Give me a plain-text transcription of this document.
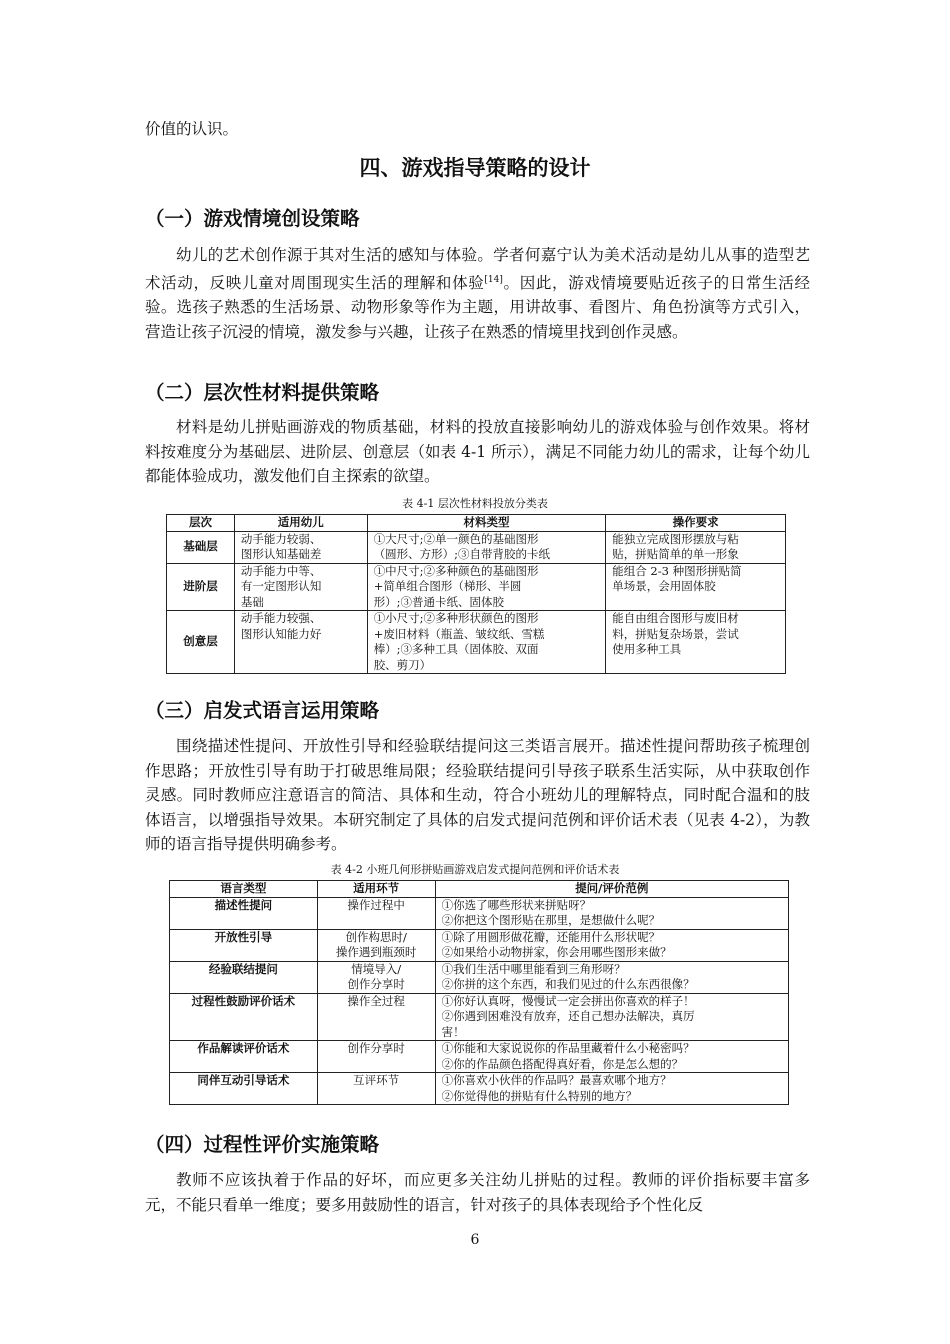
价值的认识。

四、游戏指导策略的设计
（一）游戏情境创设策略

幼儿的艺术创作源于其对生活的感知与体验。学者何嘉宁认为美术活动是幼儿从事的造型艺术活动，反映儿童对周围现实生活的理解和体验[14]。因此，游戏情境要贴近孩子的日常生活经验。选孩子熟悉的生活场景、动物形象等作为主题，用讲故事、看图片、角色扮演等方式引入，营造让孩子沉浸的情境，激发参与兴趣，让孩子在熟悉的情境里找到创作灵感。

（二）层次性材料提供策略

材料是幼儿拼贴画游戏的物质基础，材料的投放直接影响幼儿的游戏体验与创作效果。将材料按难度分为基础层、进阶层、创意层（如表 4-1 所示），满足不同能力幼儿的需求，让每个幼儿都能体验成功，激发他们自主探索的欲望。

表 4-1 层次性材料投放分类表

层次	适用幼儿	材料类型	操作要求
基础层	动手能力较弱、
图形认知基础差	①大尺寸;②单一颜色的基础图形
（圆形、方形）;③自带背胶的卡纸	能独立完成图形摆放与粘
贴，拼贴简单的单一形象

进阶层	动手能力中等、
有一定图形认知
基础	①中尺寸;②多种颜色的基础图形
+简单组合图形（梯形、半圆
形）;③普通卡纸、固体胶	能组合 2-3 种图形拼贴简
单场景，会用固体胶

创意层	动手能力较强、
图形认知能力好	①小尺寸;②多种形状颜色的图形
+废旧材料（瓶盖、皱纹纸、雪糕
棒）;③多种工具（固体胶、双面
胶、剪刀）	能自由组合图形与废旧材
料，拼贴复杂场景，尝试
使用多种工具
（三）启发式语言运用策略

围绕描述性提问、开放性引导和经验联结提问这三类语言展开。描述性提问帮助孩子梳理创作思路；开放性引导有助于打破思维局限；经验联结提问引导孩子联系生活实际，从中获取创作灵感。同时教师应注意语言的简洁、具体和生动，符合小班幼儿的理解特点，同时配合温和的肢体语言，以增强指导效果。本研究制定了具体的启发式提问范例和评价话术表（见表 4-2），为教师的语言指导提供明确参考。

表 4-2 小班几何形拼贴画游戏启发式提问范例和评价话术表

语言类型	适用环节	提问/评价范例
描述性提问	操作过程中	①你选了哪些形状来拼贴呀？
②你把这个图形贴在那里，是想做什么呢？

开放性引导	创作构思时/
操作遇到瓶颈时	①除了用圆形做花瓣，还能用什么形状呢？
②如果给小动物拼家，你会用哪些图形来做？

经验联结提问	情境导入/
创作分享时	①我们生活中哪里能看到三角形呀？
②你拼的这个东西，和我们见过的什么东西很像？

过程性鼓励评价话术	操作全过程	①你好认真呀，慢慢试一定会拼出你喜欢的样子！
②你遇到困难没有放弃，还自己想办法解决，真厉
害！

作品解读评价话术	创作分享时	①你能和大家说说你的作品里藏着什么小秘密吗？
②你的作品颜色搭配得真好看，你是怎么想的？

同伴互动引导话术	互评环节	①你喜欢小伙伴的作品吗？最喜欢哪个地方？
②你觉得他的拼贴有什么特别的地方？
（四）过程性评价实施策略

教师不应该执着于作品的好坏，而应更多关注幼儿拼贴的过程。教师的评价指标要丰富多元，不能只看单一维度；要多用鼓励性的语言，针对孩子的具体表现给予个性化反

6
